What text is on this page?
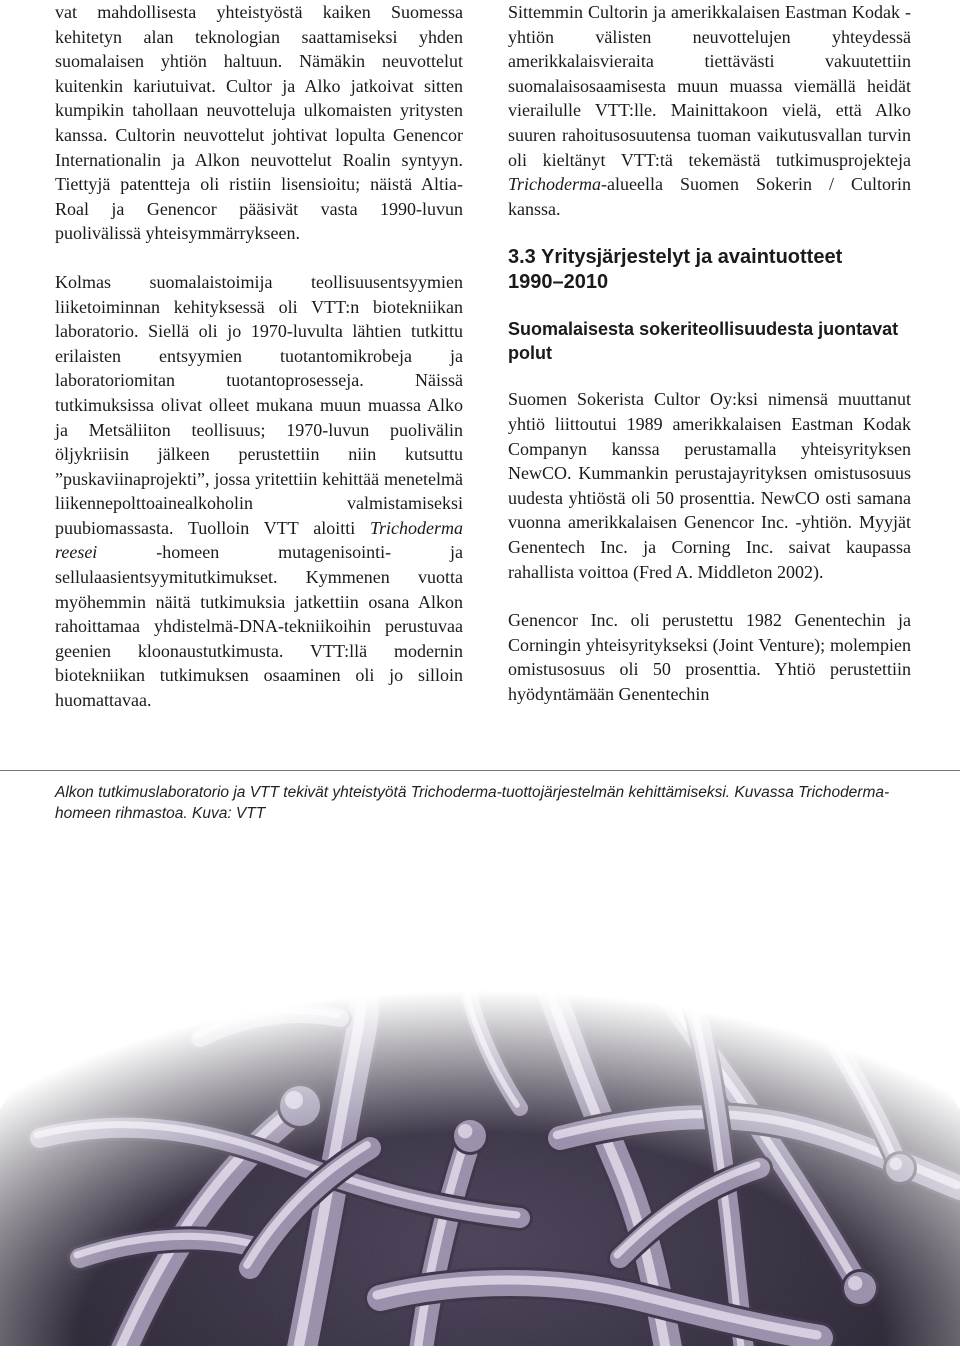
vat mahdollisesta yhteistyöstä kaiken Suomessa kehitetyn alan teknologian saattamiseksi yhden suomalaisen yhtiön haltuun. Nämäkin neuvottelut kuitenkin kariutuivat. Cultor ja Alko jatkoivat sitten kumpikin tahollaan neuvotteluja ulkomaisten yritysten kanssa. Cultorin neuvottelut johtivat lopulta Genencor Internationalin ja Alkon neuvottelut Roalin syntyyn. Tiettyjä patentteja oli ristiin lisensioitu; näistä Altia-Roal ja Genencor pääsivät vasta 1990-luvun puolivälissä yhteisymmärrykseen.

Kolmas suomalaistoimija teollisuusentsyymien liiketoiminnan kehityksessä oli VTT:n biotekniikan laboratorio. Siellä oli jo 1970-luvulta lähtien tutkittu erilaisten entsyymien tuotantomikrobeja ja laboratoriomitan tuotantoprosesseja. Näissä tutkimuksissa olivat olleet mukana muun muassa Alko ja Metsäliiton teollisuus; 1970-luvun puolivälin öljykriisin jälkeen perustettiin niin kutsuttu ”puskaviinaprojekti”, jossa yritettiin kehittää menetelmä liikennepolttoainealkoholin valmistamiseksi puubiomassasta. Tuolloin VTT aloitti Trichoderma reesei	-homeen mutagenisointi- ja sellulaasientsyymitutkimukset. Kymmenen vuotta myöhemmin näitä tutkimuksia jatkettiin osana Alkon rahoittamaa yhdistelmä-DNA-tekniikoihin perustuvaa geenien kloonaustutkimusta. VTT:llä modernin biotekniikan tutkimuksen osaaminen oli jo silloin huomattavaa.

Sittemmin Cultorin ja amerikkalaisen Eastman Kodak -yhtiön välisten neuvottelujen yhteydessä amerikkalaisvieraita tiettävästi vakuutettiin suomalaisosaamisesta muun muassa viemällä heidät vierailulle VTT:lle. Mainittakoon vielä, että Alko suuren rahoitusosuutensa tuoman vaikutusvallan turvin oli kieltänyt VTT:tä tekemästä tutkimusprojekteja Trichoderma-alueella Suomen Sokerin / Cultorin kanssa.

3.3 Yritysjärjestelyt ja avaintuotteet
1990–2010
Suomalaisesta sokeriteollisuudesta juontavat polut

Suomen Sokerista Cultor Oy:ksi nimensä muuttanut yhtiö liittoutui 1989 amerikkalaisen Eastman Kodak Companyn kanssa perustamalla yhteisyrityksen NewCO. Kummankin perustajayrityksen omistusosuus uudesta yhtiöstä oli 50 prosenttia. NewCO osti samana vuonna amerikkalaisen Genencor Inc. -yhtiön. Myyjät Genentech Inc. ja Corning Inc. saivat kaupassa rahallista voittoa (Fred A. Middleton 2002).

Genencor Inc. oli perustettu 1982 Genentechin ja Corningin yhteisyritykseksi (Joint Venture); molempien omistusosuus oli 50 prosenttia. Yhtiö perustettiin hyödyntämään Genentechin

Alkon tutkimuslaboratorio ja VTT tekivät yhteistyötä Trichoderma-tuottojärjestelmän kehittämiseksi. Kuvassa Trichoderma-homeen rihmastoa. Kuva: VTT
